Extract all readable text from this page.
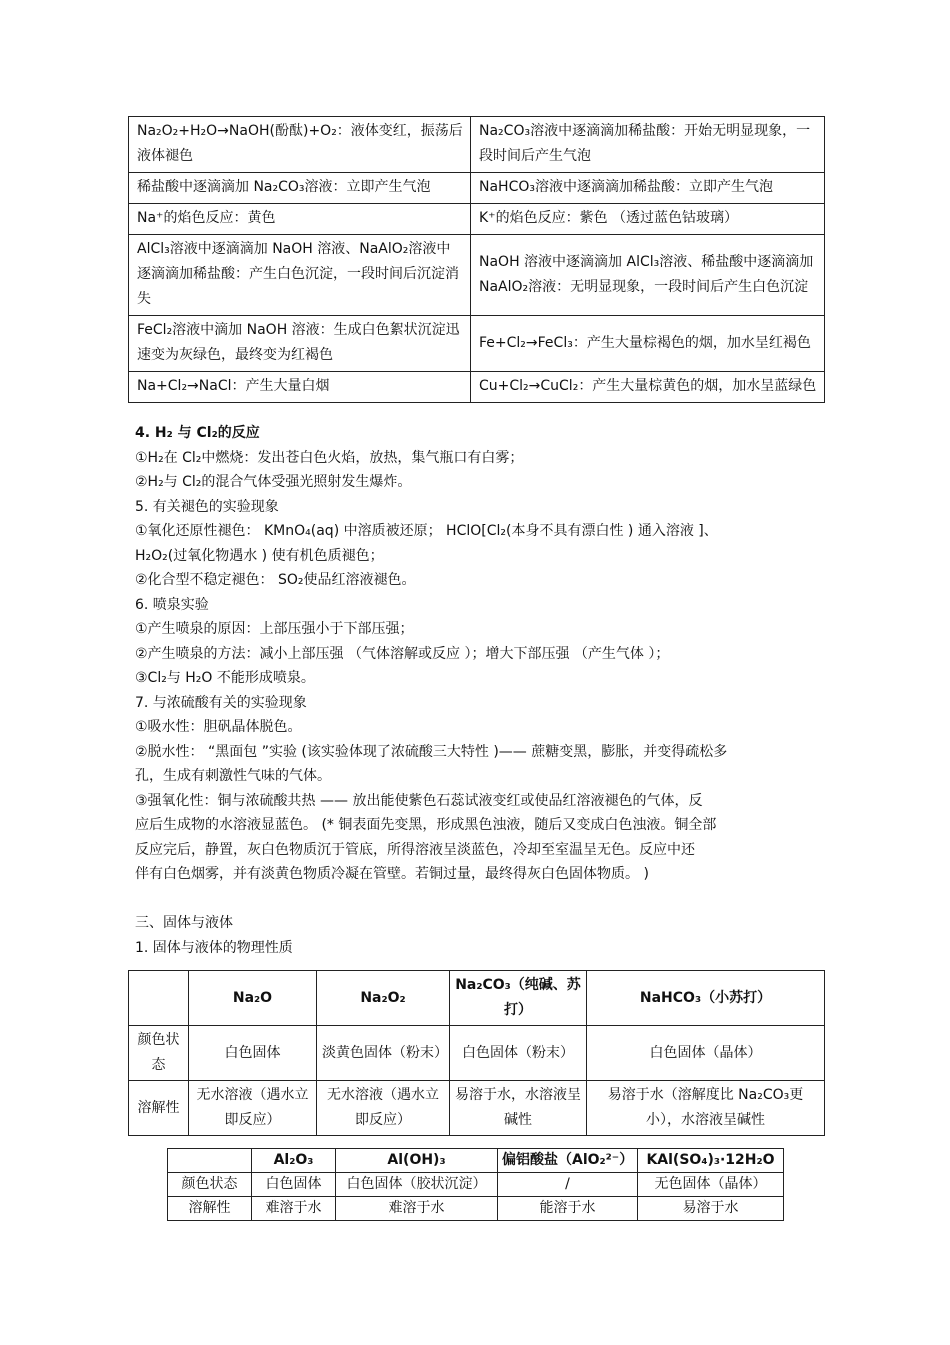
Na₂O₂+H₂O→NaOH(酚酞)+O₂：液体变红，振荡后液体褪色	Na₂CO₃溶液中逐滴滴加稀盐酸：开始无明显现象，一段时间后产生气泡
稀盐酸中逐滴滴加 Na₂CO₃溶液：立即产生气泡	NaHCO₃溶液中逐滴滴加稀盐酸：立即产生气泡
Na⁺的焰色反应：黄色	K⁺的焰色反应：紫色 （透过蓝色钴玻璃）
AlCl₃溶液中逐滴滴加 NaOH 溶液、NaAlO₂溶液中逐滴滴加稀盐酸：产生白色沉淀，一段时间后沉淀消失	NaOH 溶液中逐滴滴加 AlCl₃溶液、稀盐酸中逐滴滴加 NaAlO₂溶液：无明显现象，一段时间后产生白色沉淀
FeCl₂溶液中滴加 NaOH 溶液：生成白色絮状沉淀迅速变为灰绿色，最终变为红褐色	Fe+Cl₂→FeCl₃：产生大量棕褐色的烟，加水呈红褐色
Na+Cl₂→NaCl：产生大量白烟	Cu+Cl₂→CuCl₂：产生大量棕黄色的烟，加水呈蓝绿色
4. H₂ 与 Cl₂的反应
①H₂在 Cl₂中燃烧：发出苍白色火焰，放热，集气瓶口有白雾；
②H₂与 Cl₂的混合气体受强光照射发生爆炸。
5. 有关褪色的实验现象
①氧化还原性褪色： KMnO₄(aq) 中溶质被还原； HClO[Cl₂(本身不具有漂白性 ) 通入溶液 ]、
H₂O₂(过氧化物遇水 ) 使有机色质褪色；
②化合型不稳定褪色： SO₂使品红溶液褪色。
6. 喷泉实验
①产生喷泉的原因：上部压强小于下部压强；
②产生喷泉的方法：减小上部压强 （气体溶解或反应 ）；增大下部压强 （产生气体 ）；
③Cl₂与 H₂O 不能形成喷泉。
7. 与浓硫酸有关的实验现象
①吸水性：胆矾晶体脱色。
②脱水性： “黑面包 ”实验 (该实验体现了浓硫酸三大特性 )—— 蔗糖变黑，膨胀，并变得疏松多
孔，生成有刺激性气味的气体。
③强氧化性：铜与浓硫酸共热 —— 放出能使紫色石蕊试液变红或使品红溶液褪色的气体，反
应后生成物的水溶液显蓝色。 (* 铜表面先变黑，形成黑色浊液，随后又变成白色浊液。铜全部
反应完后，静置，灰白色物质沉于管底，所得溶液呈淡蓝色，冷却至室温呈无色。反应中还
伴有白色烟雾，并有淡黄色物质冷凝在管壁。若铜过量，最终得灰白色固体物质。 )
三、固体与液体
1. 固体与液体的物理性质
	Na₂O	Na₂O₂	Na₂CO₃（纯碱、苏打）	NaHCO₃（小苏打）
颜色状态	白色固体	淡黄色固体（粉末）	白色固体（粉末）	白色固体（晶体）
溶解性	无水溶液（遇水立即反应）	无水溶液（遇水立即反应）	易溶于水，水溶液呈碱性	易溶于水（溶解度比 Na₂CO₃更小），水溶液呈碱性
	Al₂O₃	Al(OH)₃	偏铝酸盐（AlO₂²⁻）	KAl(SO₄)₃·12H₂O
颜色状态	白色固体	白色固体（胶状沉淀）	/	无色固体（晶体）
溶解性	难溶于水	难溶于水	能溶于水	易溶于水
